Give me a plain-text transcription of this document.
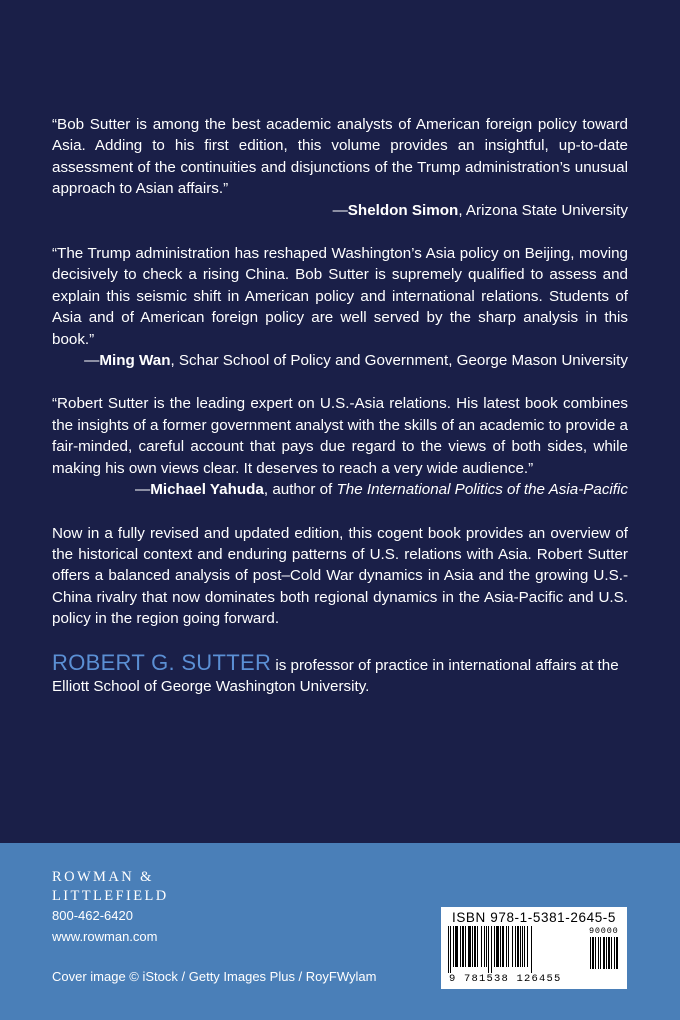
“Bob Sutter is among the best academic analysts of American foreign policy toward Asia. Adding to his first edition, this volume provides an insightful, up-to-date assessment of the continuities and disjunctions of the Trump administration’s unusual approach to Asian affairs.”

—Sheldon Simon, Arizona State University

“The Trump administration has reshaped Washington’s Asia policy on Beijing, moving decisively to check a rising China. Bob Sutter is supremely qualified to assess and explain this seismic shift in American policy and international relations. Students of Asia and of American foreign policy are well served by the sharp analysis in this book.”

—Ming Wan, Schar School of Policy and Government, George Mason University

“Robert Sutter is the leading expert on U.S.-Asia relations. His latest book combines the insights of a former government analyst with the skills of an academic to provide a fair-minded, careful account that pays due regard to the views of both sides, while making his own views clear. It deserves to reach a very wide audience.”

—Michael Yahuda, author of The International Politics of the Asia-Pacific

Now in a fully revised and updated edition, this cogent book provides an overview of the historical context and enduring patterns of U.S. relations with Asia. Robert Sutter offers a balanced analysis of post–Cold War dynamics in Asia and the growing U.S.-China rivalry that now dominates both regional dynamics in the Asia-Pacific and U.S. policy in the region going forward.

ROBERT G. SUTTER is professor of practice in international affairs at the Elliott School of George Washington University.

ROWMAN &
LITTLEFIELD
800-462-6420
www.rowman.com
Cover image © iStock / Getty Images Plus / RoyFWylam
ISBN 978-1-5381-2645-5
90000
9 781538 126455
